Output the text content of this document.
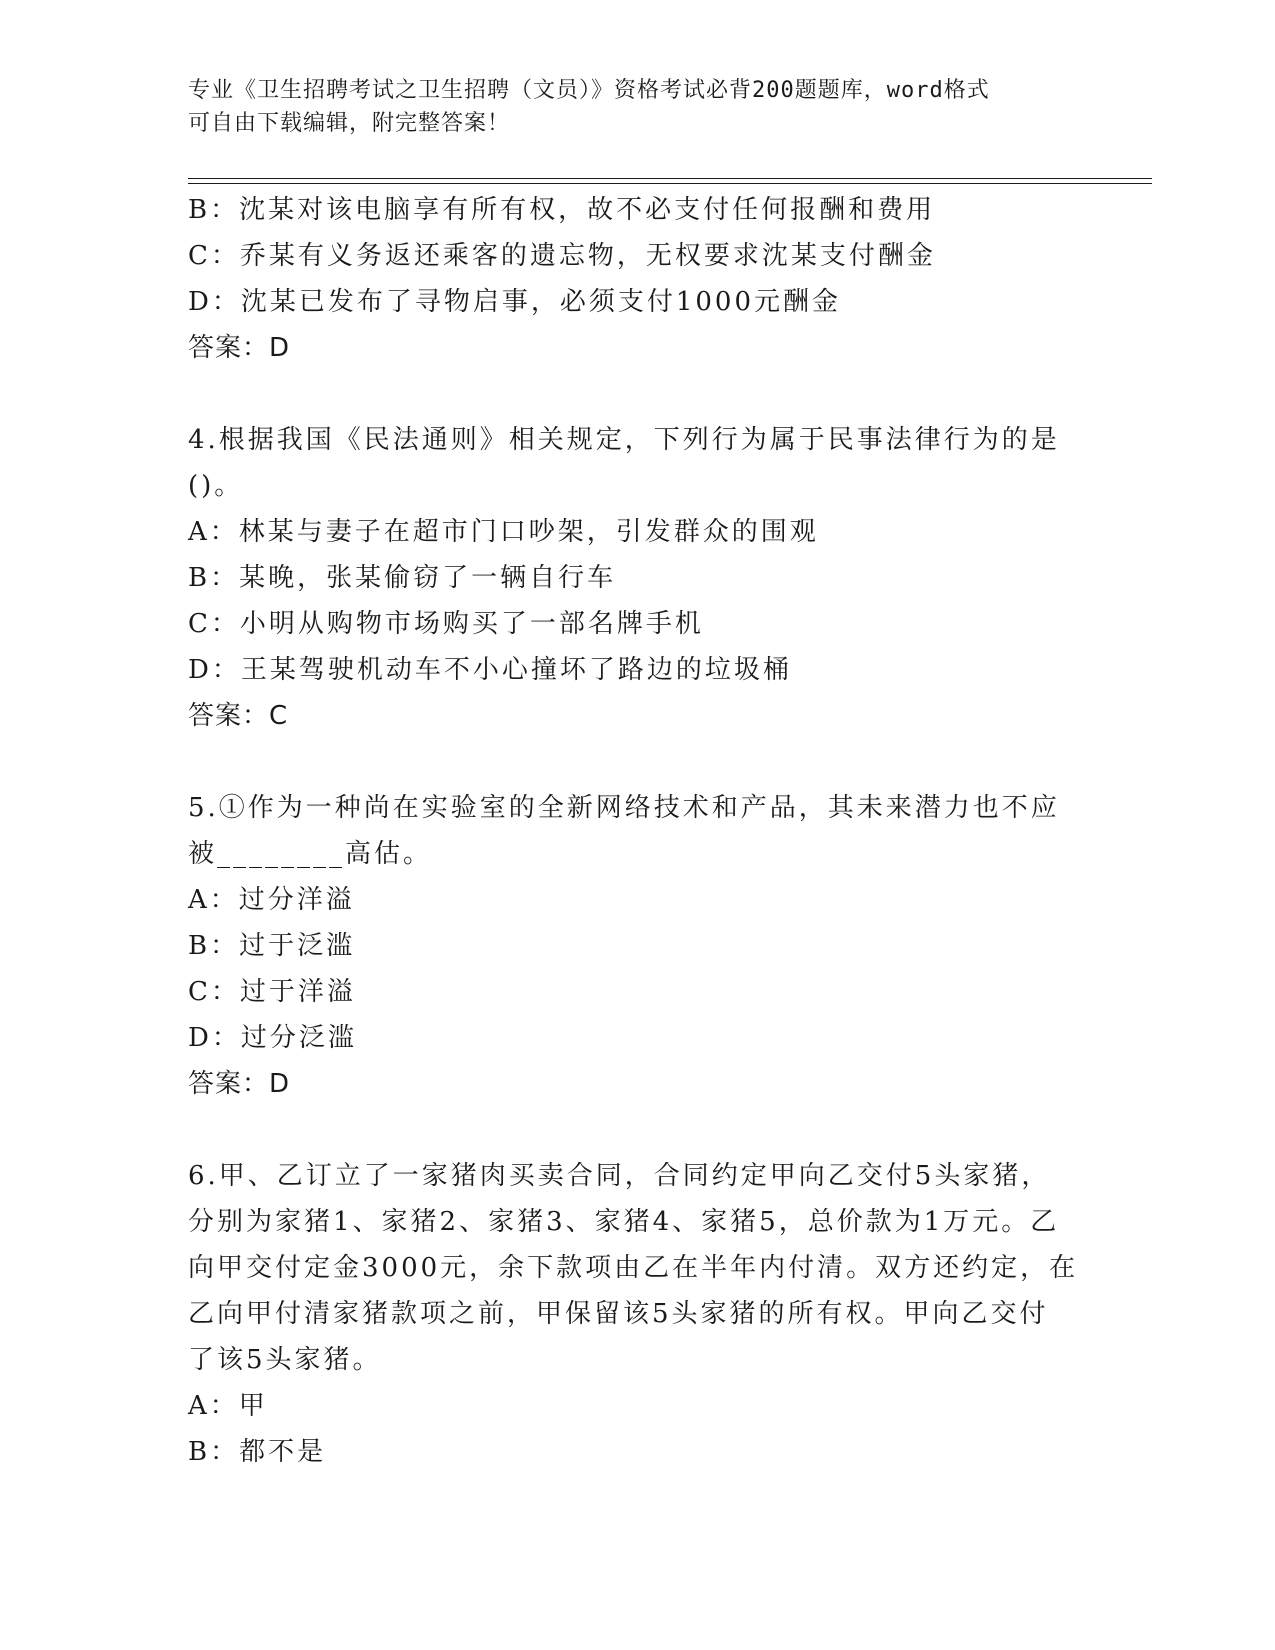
专业《卫生招聘考试之卫生招聘（文员）》资格考试必背200题题库，word格式
可自由下载编辑，附完整答案！
B：沈某对该电脑享有所有权，故不必支付任何报酬和费用
C：乔某有义务返还乘客的遗忘物，无权要求沈某支付酬金
D：沈某已发布了寻物启事，必须支付1000元酬金
答案：D
4.根据我国《民法通则》相关规定，下列行为属于民事法律行为的是
()。
A：林某与妻子在超市门口吵架，引发群众的围观
B：某晚，张某偷窃了一辆自行车
C：小明从购物市场购买了一部名牌手机
D：王某驾驶机动车不小心撞坏了路边的垃圾桶
答案：C
5.①作为一种尚在实验室的全新网络技术和产品，其未来潜力也不应
被________高估。
A：过分洋溢
B：过于泛滥
C：过于洋溢
D：过分泛滥
答案：D
6.甲、乙订立了一家猪肉买卖合同，合同约定甲向乙交付5头家猪，
分别为家猪1、家猪2、家猪3、家猪4、家猪5，总价款为1万元。乙
向甲交付定金3000元，余下款项由乙在半年内付清。双方还约定，在
乙向甲付清家猪款项之前，甲保留该5头家猪的所有权。甲向乙交付
了该5头家猪。
A：甲
B：都不是
